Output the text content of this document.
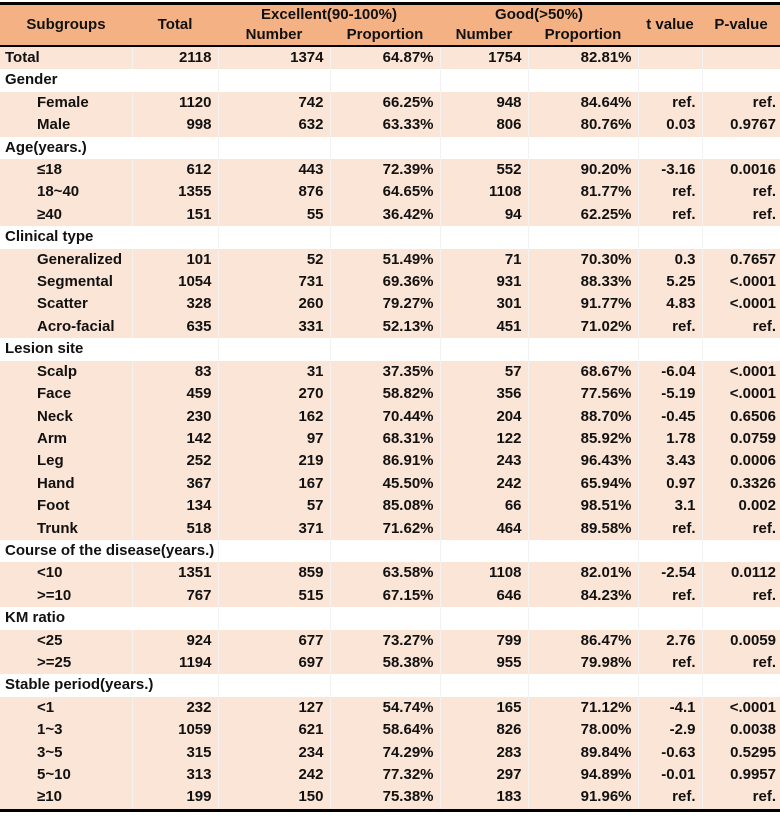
Subgroups	Total	Excellent(90-100%)		Good(>50%)		t value	P-value
		Number	Proportion	Number	Proportion		
Total	2118	1374	64.87%	1754	82.81%		
Gender							
Female	1120	742	66.25%	948	84.64%	ref.	ref.
Male	998	632	63.33%	806	80.76%	0.03	0.9767
Age(years.)							
≤18	612	443	72.39%	552	90.20%	-3.16	0.0016
18~40	1355	876	64.65%	1108	81.77%	ref.	ref.
≥40	151	55	36.42%	94	62.25%	ref.	ref.
Clinical type							
Generalized	101	52	51.49%	71	70.30%	0.3	0.7657
Segmental	1054	731	69.36%	931	88.33%	5.25	<.0001
Scatter	328	260	79.27%	301	91.77%	4.83	<.0001
Acro-facial	635	331	52.13%	451	71.02%	ref.	ref.
Lesion site							
Scalp	83	31	37.35%	57	68.67%	-6.04	<.0001
Face	459	270	58.82%	356	77.56%	-5.19	<.0001
Neck	230	162	70.44%	204	88.70%	-0.45	0.6506
Arm	142	97	68.31%	122	85.92%	1.78	0.0759
Leg	252	219	86.91%	243	96.43%	3.43	0.0006
Hand	367	167	45.50%	242	65.94%	0.97	0.3326
Foot	134	57	85.08%	66	98.51%	3.1	0.002
Trunk	518	371	71.62%	464	89.58%	ref.	ref.
Course of the disease(years.)							
<10	1351	859	63.58%	1108	82.01%	-2.54	0.0112
>=10	767	515	67.15%	646	84.23%	ref.	ref.
KM ratio							
<25	924	677	73.27%	799	86.47%	2.76	0.0059
>=25	1194	697	58.38%	955	79.98%	ref.	ref.
Stable period(years.)							
<1	232	127	54.74%	165	71.12%	-4.1	<.0001
1~3	1059	621	58.64%	826	78.00%	-2.9	0.0038
3~5	315	234	74.29%	283	89.84%	-0.63	0.5295
5~10	313	242	77.32%	297	94.89%	-0.01	0.9957
≥10	199	150	75.38%	183	91.96%	ref.	ref.
